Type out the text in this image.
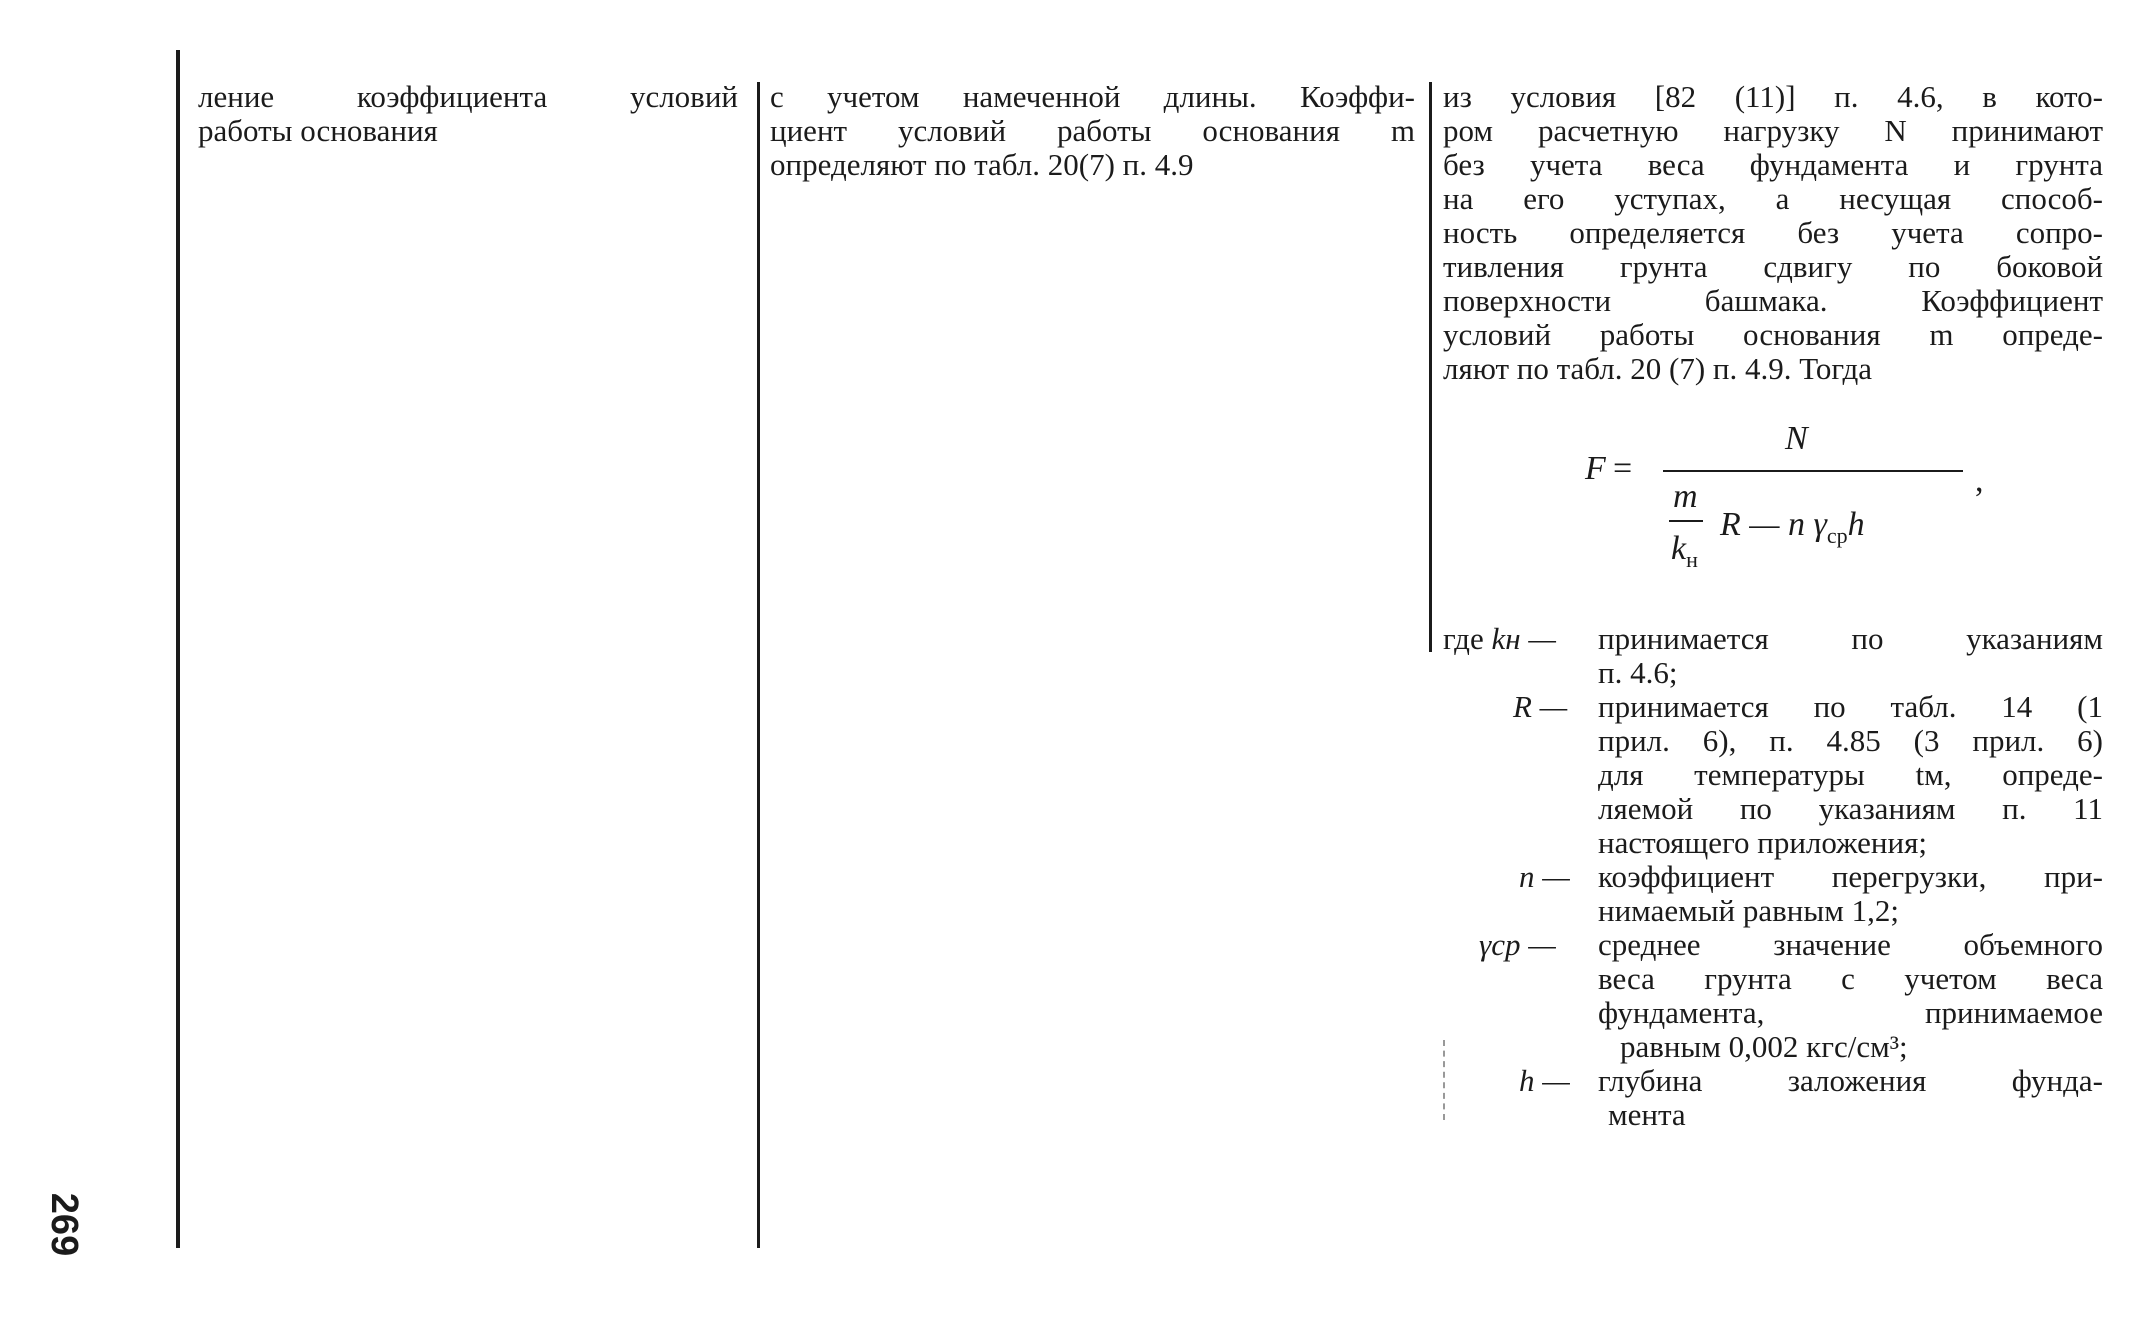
269
ление коэффициента условий
работы основания
с учетом намеченной длины. Коэффи-
циент условий работы основания m
определяют по табл. 20(7) п. 4.9
из условия [82 (11)] п. 4.6, в кото-
ром расчетную нагрузку N принимают
без учета веса фундамента и грунта
на его уступах, а несущая способ-
ность определяется без учета сопро-
тивления грунта сдвигу по боковой
поверхности башмака. Коэффициент
условий работы основания m опреде-
ляют по табл. 20 (7) п. 4.9. Тогда
F =
N
,
m
$k_н$
R — n $\gamma_{ср}h$
где kн — принимается по указаниям
п. 4.6;
R — принимается по табл. 14 (1
прил. 6), п. 4.85 (3 прил. 6)
для температуры tм, опреде-
ляемой по указаниям п. 11
настоящего приложения;
n — коэффициент перегрузки, при-
нимаемый равным 1,2;
γср — среднее значение объемного
веса грунта с учетом веса
фундамента, принимаемое
равным 0,002 кгс/см³;
h — глубина заложения фунда-
мента
